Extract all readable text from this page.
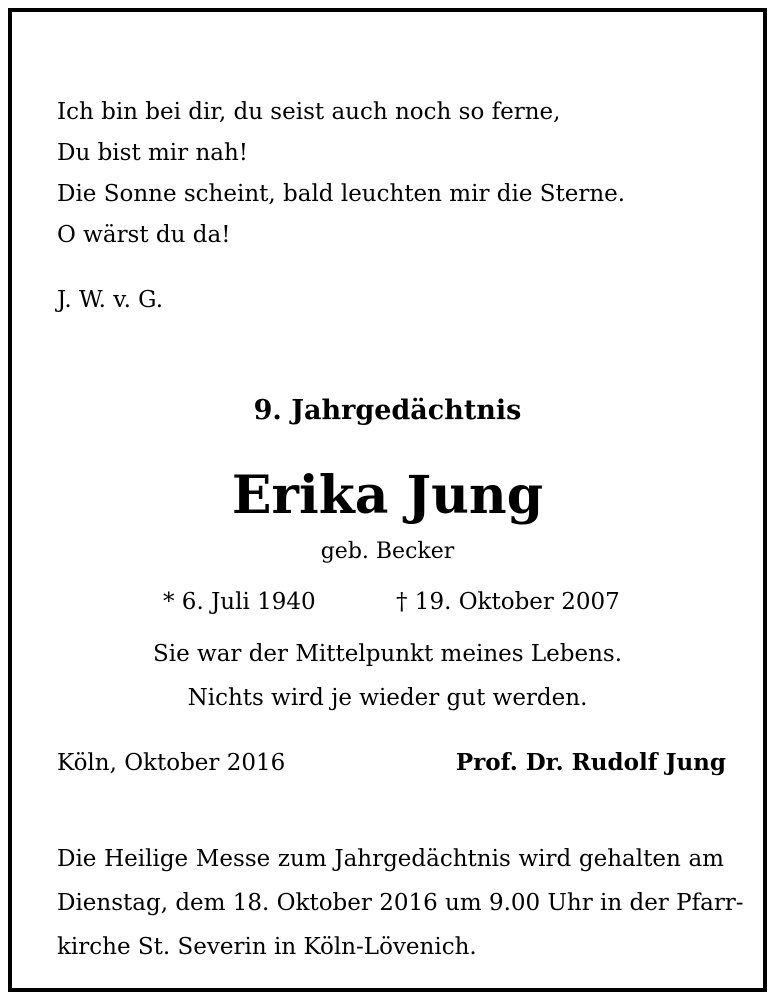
Ich bin bei dir, du seist auch noch so ferne,
Du bist mir nah!
Die Sonne scheint, bald leuchten mir die Sterne.
O wärst du da!
J. W. v. G.
9. Jahrgedächtnis
Erika Jung
geb. Becker
* 6. Juli 1940	† 19. Oktober 2007
Sie war der Mittelpunkt meines Lebens.
Nichts wird je wieder gut werden.
Köln, Oktober 2016	Prof. Dr. Rudolf Jung
Die Heilige Messe zum Jahrgedächtnis wird gehalten am
Dienstag, dem 18. Oktober 2016 um 9.00 Uhr in der Pfarr-
kirche St. Severin in Köln-Lövenich.
